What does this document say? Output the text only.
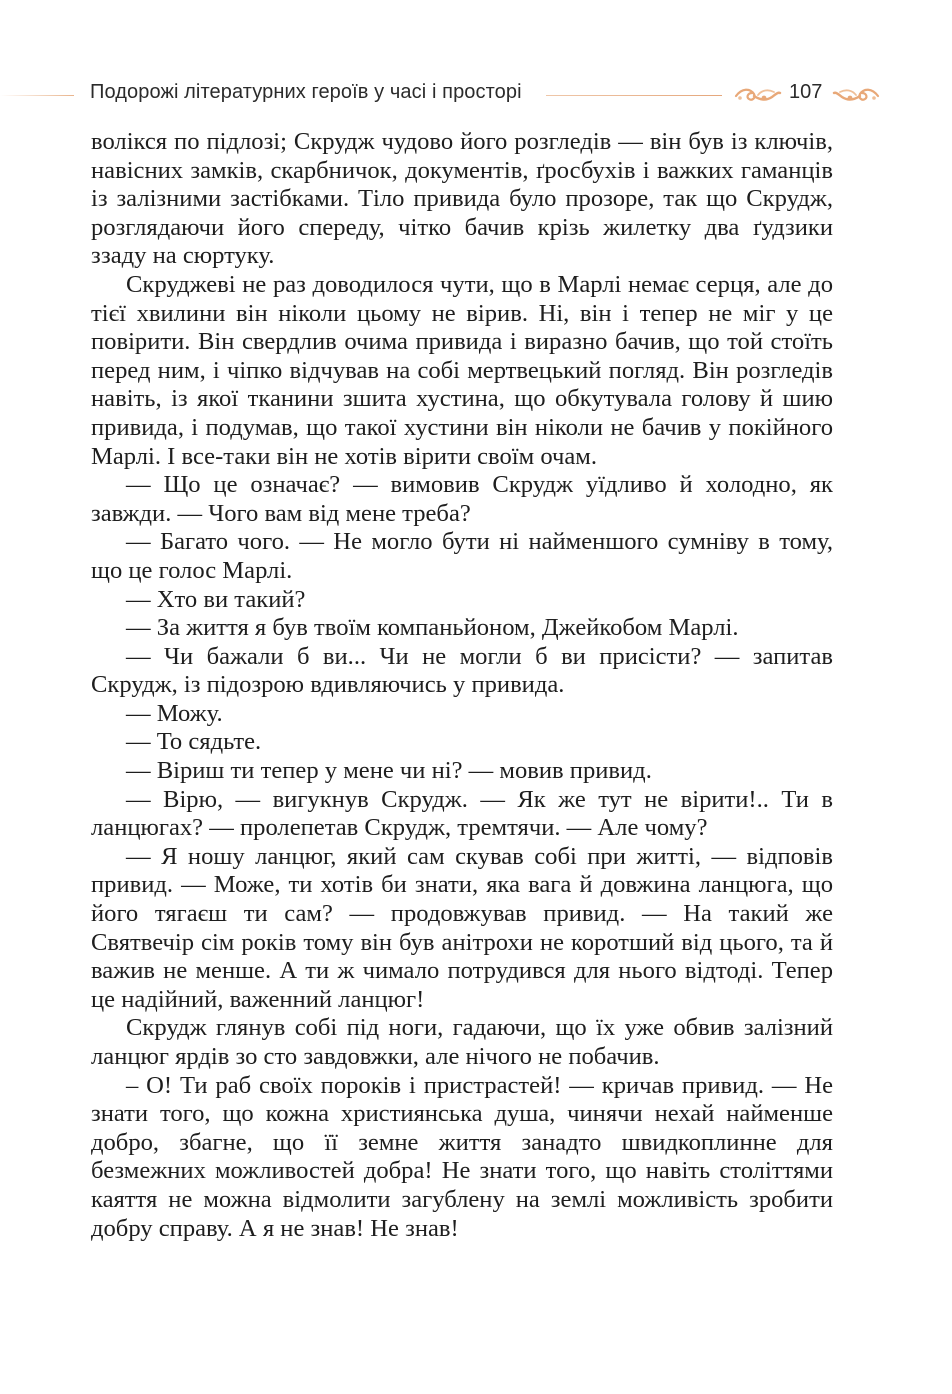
Подорожі літературних героїв у часі і просторі	107

волікся по підлозі; Скрудж чудово його розгледів — він був із ключів, навісних замків, скарбничок, документів, ґросбухів і важких гаманців із залізними застібками. Тіло привида було прозоре, так що Скрудж, розглядаючи його спереду, чітко бачив крізь жилетку два ґудзики ззаду на сюртуку.

Скруджеві не раз доводилося чути, що в Марлі немає серця, але до тієї хвилини він ніколи цьому не вірив. Ні, він і тепер не міг у це повірити. Він свердлив очима привида і виразно бачив, що той стоїть перед ним, і чіпко відчував на собі мертвецький погляд. Він розгледів навіть, із якої тканини зшита хустина, що обкутувала голову й шию привида, і подумав, що такої хустини він ніколи не бачив у покійного Марлі. І все-таки він не хотів вірити своїм очам.

— Що це означає? — вимовив Скрудж уїдливо й холодно, як завжди. — Чого вам від мене треба?

— Багато чого. — Не могло бути ні найменшого сумніву в тому, що це голос Марлі.

— Хто ви такий?

— За життя я був твоїм компаньйоном, Джейкобом Марлі.

— Чи бажали б ви... Чи не могли б ви присісти? — запитав Скрудж, із підозрою вдивляючись у привида.

— Можу.

— То сядьте.

— Віриш ти тепер у мене чи ні? — мовив привид.

— Вірю, — вигукнув Скрудж. — Як же тут не вірити!.. Ти в ланцюгах? — пролепетав Скрудж, тремтячи. — Але чому?

— Я ношу ланцюг, який сам скував собі при житті, — відповів привид. — Може, ти хотів би знати, яка вага й довжина ланцюга, що його тягаєш ти сам? — продовжував привид. — На такий же Святвечір сім років тому він був анітрохи не коротший від цього, та й важив не менше. А ти ж чимало потрудився для нього відтоді. Тепер це надійний, важенний ланцюг!

Скрудж глянув собі під ноги, гадаючи, що їх уже обвив залізний ланцюг ярдів зо сто завдовжки, але нічого не побачив.

– О! Ти раб своїх пороків і пристрастей! — кричав привид. — Не знати того, що кожна християнська душа, чинячи нехай найменше добро, збагне, що її земне життя занадто швидкоплинне для безмежних можливостей добра! Не знати того, що навіть століттями каяття не можна відмолити загублену на землі можливість зробити добру справу. А я не знав! Не знав!
